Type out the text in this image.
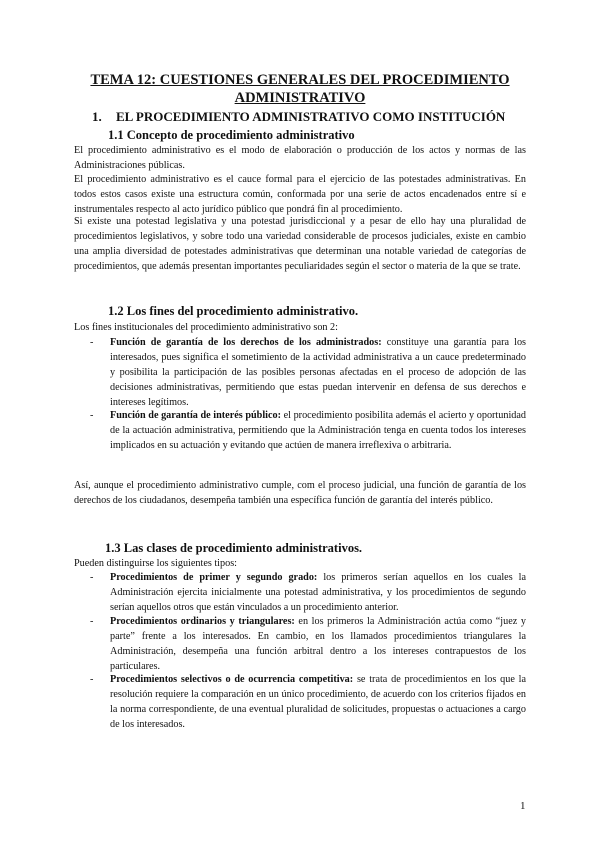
TEMA 12: CUESTIONES GENERALES DEL PROCEDIMIENTO ADMINISTRATIVO
1. EL PROCEDIMIENTO ADMINISTRATIVO COMO INSTITUCIÓN
1.1 Concepto de procedimiento administrativo
El procedimiento administrativo es el modo de elaboración o producción de los actos y normas de las Administraciones públicas.
El procedimiento administrativo es el cauce formal para el ejercicio de las potestades administrativas. En todos estos casos existe una estructura común, conformada por una serie de actos encadenados entre sí e instrumentales respecto al acto jurídico público que pondrá fin al procedimiento.
Si existe una potestad legislativa y una potestad jurisdiccional y a pesar de ello hay una pluralidad de procedimientos legislativos, y sobre todo una variedad considerable de procesos judiciales, existe en cambio una amplia diversidad de potestades administrativas que determinan una notable variedad de categorías de procedimientos, que además presentan importantes peculiaridades según el sector o materia de la que se trate.
1.2 Los fines del procedimiento administrativo.
Los fines institucionales del procedimiento administrativo son 2:
- Función de garantía de los derechos de los administrados: constituye una garantía para los interesados, pues significa el sometimiento de la actividad administrativa a un cauce predeterminado y posibilita la participación de las posibles personas afectadas en el proceso de adopción de las decisiones administrativas, permitiendo que estas puedan intervenir en defensa de sus derechos e intereses legítimos.
- Función de garantía de interés público: el procedimiento posibilita además el acierto y oportunidad de la actuación administrativa, permitiendo que la Administración tenga en cuenta todos los intereses implicados en su actuación y evitando que actúen de manera irreflexiva o arbitraria.
Así, aunque el procedimiento administrativo cumple, com el proceso judicial, una función de garantía de los derechos de los ciudadanos, desempeña también una específica función de garantía del interés público.
1.3 Las clases de procedimiento administrativos.
Pueden distinguirse los siguientes tipos:
- Procedimientos de primer y segundo grado: los primeros serían aquellos en los cuales la Administración ejercita inicialmente una potestad administrativa, y los procedimientos de segundo serían aquellos otros que están vinculados a un procedimiento anterior.
- Procedimientos ordinarios y triangulares: en los primeros la Administración actúa como “juez y parte” frente a los interesados. En cambio, en los llamados procedimientos triangulares la Administración, desempeña una función arbitral dentro a los intereses contrapuestos de los particulares.
- Procedimientos selectivos o de ocurrencia competitiva: se trata de procedimientos en los que la resolución requiere la comparación en un único procedimiento, de acuerdo con los criterios fijados en la norma correspondiente, de una eventual pluralidad de solicitudes, propuestas o actuaciones a cargo de los interesados.
1
